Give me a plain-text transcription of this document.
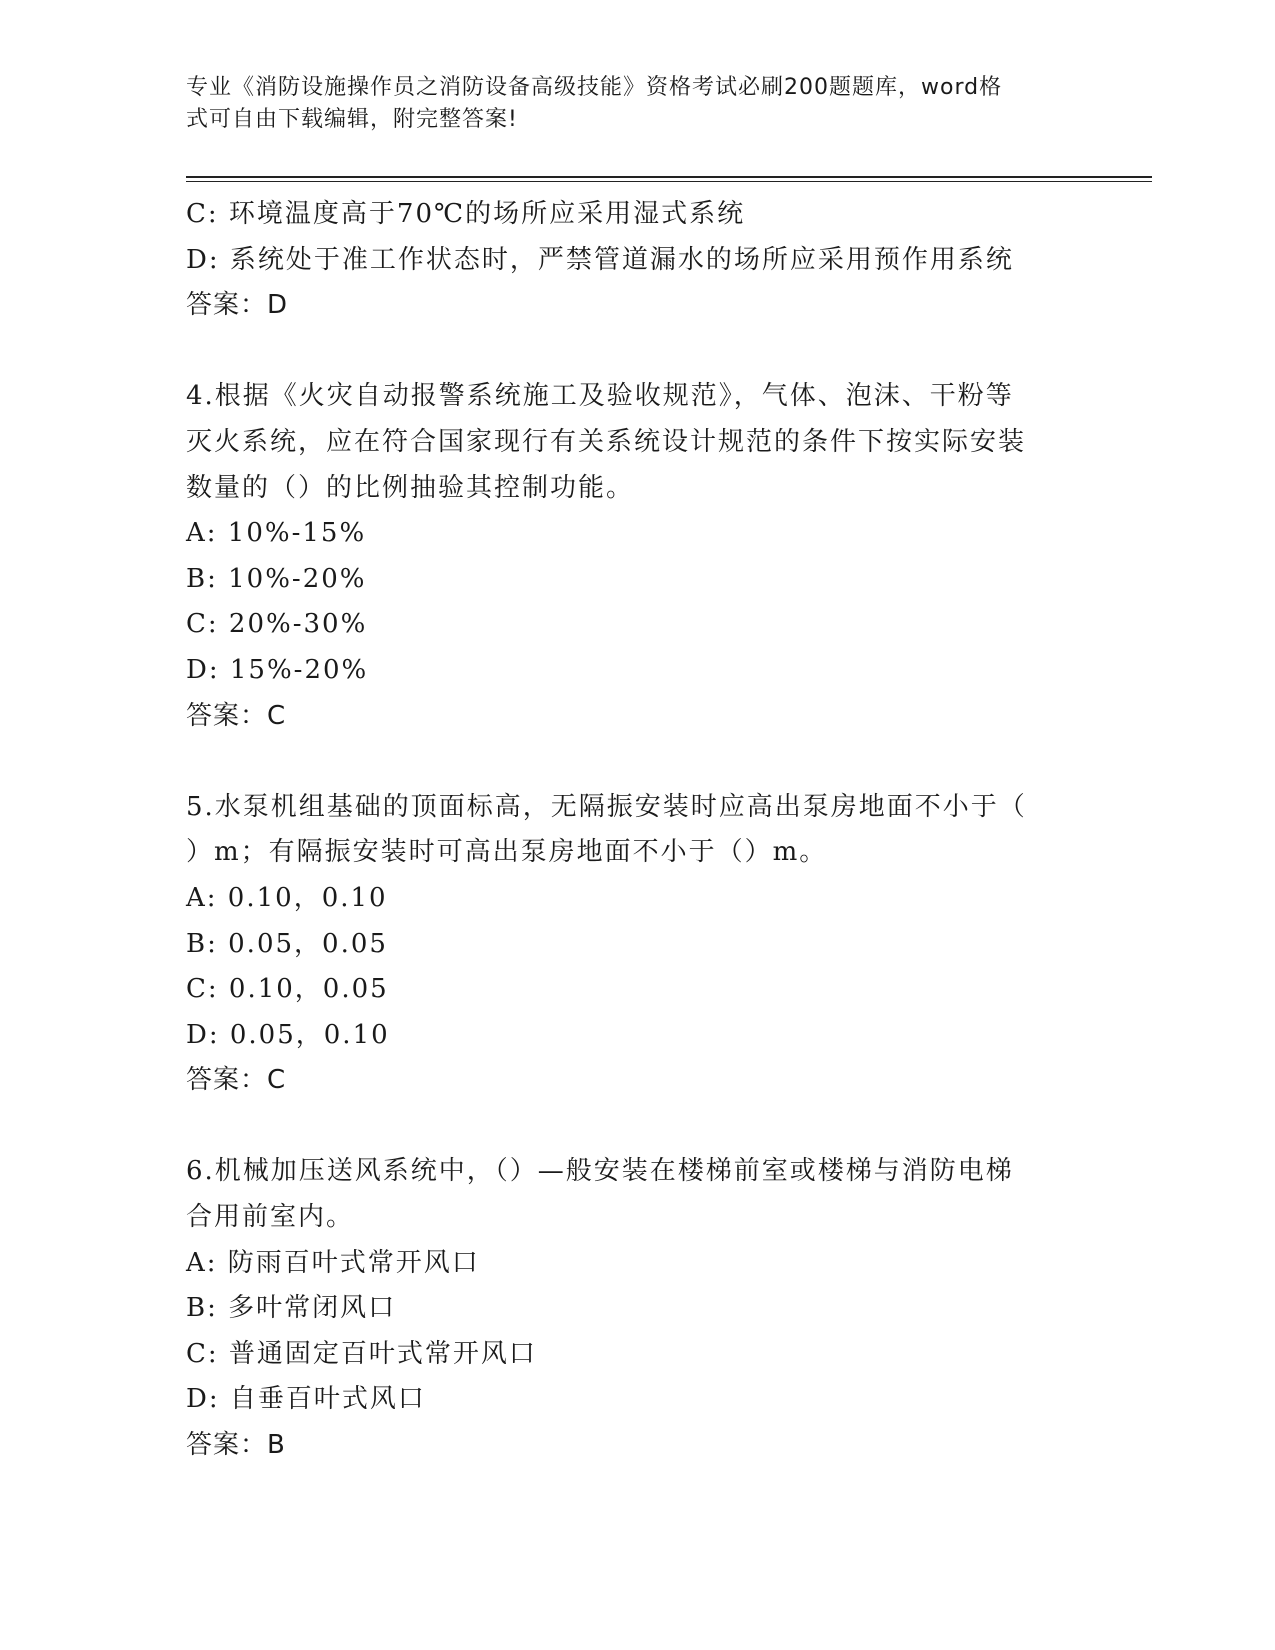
专业《消防设施操作员之消防设备高级技能》资格考试必刷200题题库，word格
式可自由下载编辑，附完整答案!
C: 环境温度高于70℃的场所应采用湿式系统
D: 系统处于准工作状态时，严禁管道漏水的场所应采用预作用系统
答案：D
4.根据《火灾自动报警系统施工及验收规范》，气体、泡沫、干粉等
灭火系统，应在符合国家现行有关系统设计规范的条件下按实际安装
数量的（）的比例抽验其控制功能。
A: 10%-15%
B: 10%-20%
C: 20%-30%
D: 15%-20%
答案：C
5.水泵机组基础的顶面标高，无隔振安装时应高出泵房地面不小于（
）m；有隔振安装时可高出泵房地面不小于（）m。
A: 0.10，0.10
B: 0.05，0.05
C: 0.10，0.05
D: 0.05，0.10
答案：C
6.机械加压送风系统中，（）—般安装在楼梯前室或楼梯与消防电梯
合用前室内。
A: 防雨百叶式常开风口
B: 多叶常闭风口
C: 普通固定百叶式常开风口
D: 自垂百叶式风口
答案：B
